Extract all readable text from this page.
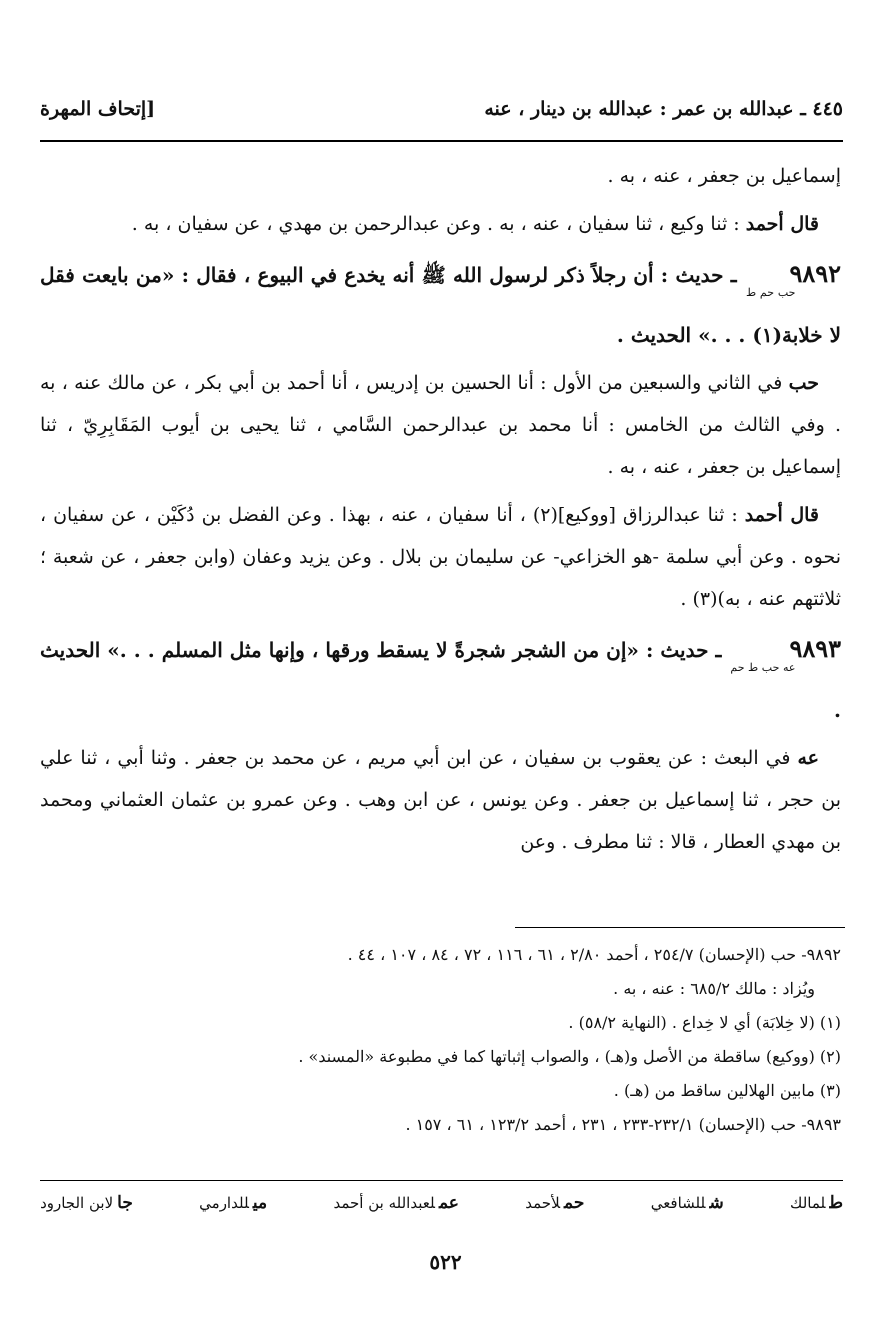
٤٤٥ ـ عبدالله بن عمر : عبدالله بن دينار ، عنه
[إتحاف المهرة

إسماعيل بن جعفر ، عنه ، به .

قال أحمد : ثنا وكيع ، ثنا سفيان ، عنه ، به . وعن عبدالرحمن بن مهدي ، عن سفيان ، به .

$٩٨٩٢_{حب حم ط}$ ـ حديث : أن رجلاً ذكر لرسول الله ﷺ أنه يخدع في البيوع ، فقال : «من بايعت فقل لا خلابة(١) . . .» الحديث .

حب في الثاني والسبعين من الأول : أنا الحسين بن إدريس ، أنا أحمد بن أبي بكر ، عن مالك عنه ، به . وفي الثالث من الخامس : أنا محمد بن عبدالرحمن السَّامي ، ثنا يحيى بن أيوب المَقَابِرِيّ ، ثنا إسماعيل بن جعفر ، عنه ، به .

قال أحمد : ثنا عبدالرزاق [ووكيع](٢) ، أنا سفيان ، عنه ، بهذا . وعن الفضل بن دُكَيْن ، عن سفيان ، نحوه . وعن أبي سلمة -هو الخزاعي- عن سليمان بن بلال . وعن يزيد وعفان (وابن جعفر ، عن شعبة ؛ ثلاثتهم عنه ، به)(٣) .

$٩٨٩٣_{عه حب ط حم}$ ـ حديث : «إن من الشجر شجرةً لا يسقط ورقها ، وإنها مثل المسلم . . .» الحديث .

عه في البعث : عن يعقوب بن سفيان ، عن ابن أبي مريم ، عن محمد بن جعفر . وثنا أبي ، ثنا علي بن حجر ، ثنا إسماعيل بن جعفر . وعن يونس ، عن ابن وهب . وعن عمرو بن عثمان العثماني ومحمد بن مهدي العطار ، قالا : ثنا مطرف . وعن

٩٨٩٢- حب (الإحسان) ٢٥٤/٧ ، أحمد ٢/٨٠ ، ٦١ ، ١١٦ ، ٧٢ ، ٨٤ ، ١٠٧ ، ٤٤ .
ويُزاد : مالك ٦٨٥/٢ : عنه ، به .
(١) (لا خِلابَة) أي لا خِداع . (النهاية ٥٨/٢) .
(٢) (ووكيع) ساقطة من الأصل و(هـ) ، والصواب إثباتها كما في مطبوعة «المسند» .
(٣) مابين الهلالين ساقط من (هـ) .
٩٨٩٣- حب (الإحسان) ٢٣٢/١-٢٣٣ ، ٢٣١ ، أحمد ١٢٣/٢ ، ٦١ ، ١٥٧ .
طلمالك
شللشافعي
حملأحمد
عملعبدالله بن أحمد
ميللدارمي
جالابن الجارود
٥٢٢
